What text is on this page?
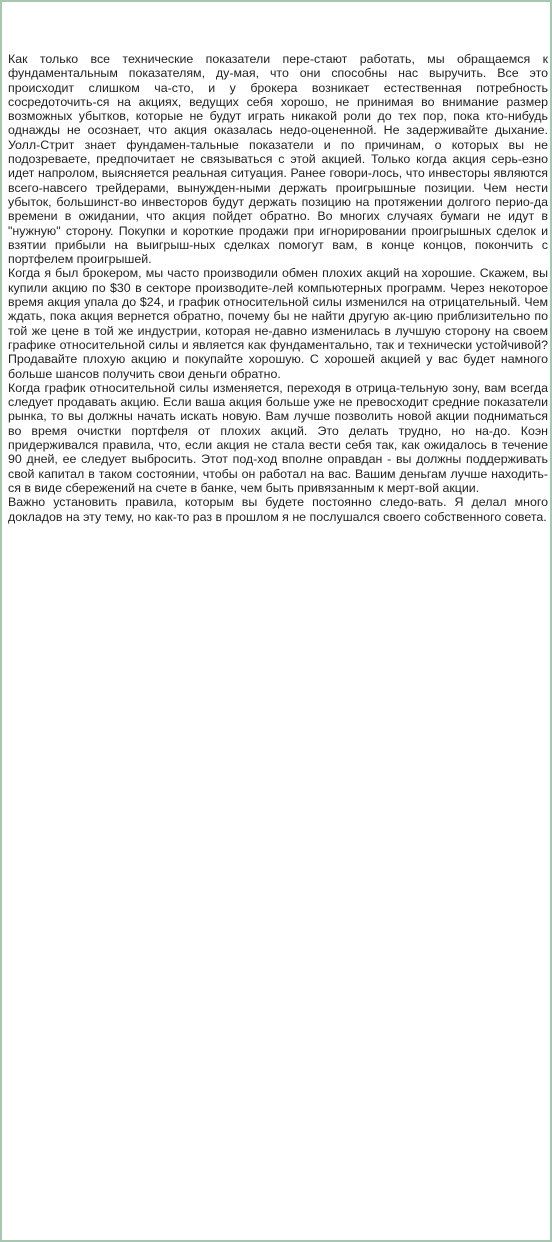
Как только все технические показатели пере-стают работать, мы обращаемся к фундаментальным показателям, ду-мая, что они способны нас выручить. Все это происходит слишком ча-сто, и у брокера возникает естественная потребность сосредоточить-ся на акциях, ведущих себя хорошо, не принимая во внимание размер возможных убытков, которые не будут играть никакой роли до тех пор, пока кто-нибудь однажды не осознает, что акция оказалась недо-оцененной. Не задерживайте дыхание. Уолл-Стрит знает фундамен-тальные показатели и по причинам, о которых вы не подозреваете, предпочитает не связываться с этой акцией. Только когда акция серь-езно идет напролом, выясняется реальная ситуация. Ранее говори-лось, что инвесторы являются всего-навсего трейдерами, вынужден-ными держать проигрышные позиции. Чем нести убыток, большинст-во инвесторов будут держать позицию на протяжении долгого перио-да времени в ожидании, что акция пойдет обратно. Во многих случаях бумаги не идут в "нужную" сторону. Покупки и короткие продажи при игнорировании проигрышных сделок и взятии прибыли на выигрыш-ных сделках помогут вам, в конце концов, покончить с портфелем проигрышей.

Когда я был брокером, мы часто производили обмен плохих акций на хорошие. Скажем, вы купили акцию по $30 в секторе производите-лей компьютерных программ. Через некоторое время акция упала до $24, и график относительной силы изменился на отрицательный. Чем ждать, пока акция вернется обратно, почему бы не найти другую ак-цию приблизительно по той же цене в той же индустрии, которая не-давно изменилась в лучшую сторону на своем графике относительной силы и является как фундаментально, так и технически устойчивой? Продавайте плохую акцию и покупайте хорошую. С хорошей акцией у вас будет намного больше шансов получить свои деньги обратно.

Когда график относительной силы изменяется, переходя в отрица-тельную зону, вам всегда следует продавать акцию. Если ваша акция больше уже не превосходит средние показатели рынка, то вы должны начать искать новую. Вам лучше позволить новой акции подниматься во время очистки портфеля от плохих акций. Это делать трудно, но на-до. Коэн придерживался правила, что, если акция не стала вести себя так, как ожидалось в течение 90 дней, ее следует выбросить. Этот под-ход вполне оправдан - вы должны поддерживать свой капитал в таком состоянии, чтобы он работал на вас. Вашим деньгам лучше находить-ся в виде сбережений на счете в банке, чем быть привязанным к мерт-вой акции.

Важно установить правила, которым вы будете постоянно следо-вать. Я делал много докладов на эту тему, но как-то раз в прошлом я не послушался своего собственного совета.
